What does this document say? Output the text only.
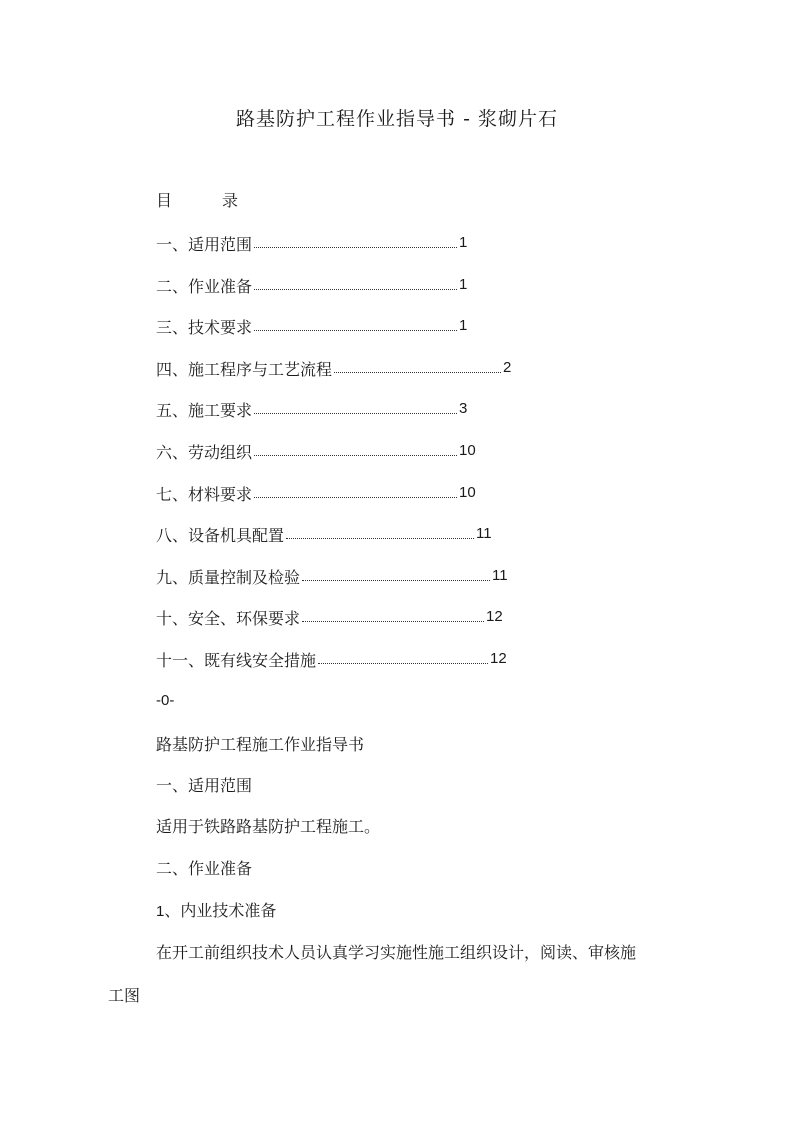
路基防护工程作业指导书 - 浆砌片石
目	录
一、适用范围	1
二、作业准备	1
三、技术要求	1
四、施工程序与工艺流程	2
五、施工要求	3
六、劳动组织	10
七、材料要求	10
八、设备机具配置	11
九、质量控制及检验	11
十、安全、环保要求	12
十一、既有线安全措施	12
-0-
路基防护工程施工作业指导书
一、适用范围
适用于铁路路基防护工程施工。
二、作业准备
1、内业技术准备
在开工前组织技术人员认真学习实施性施工组织设计，阅读、审核施
工图
